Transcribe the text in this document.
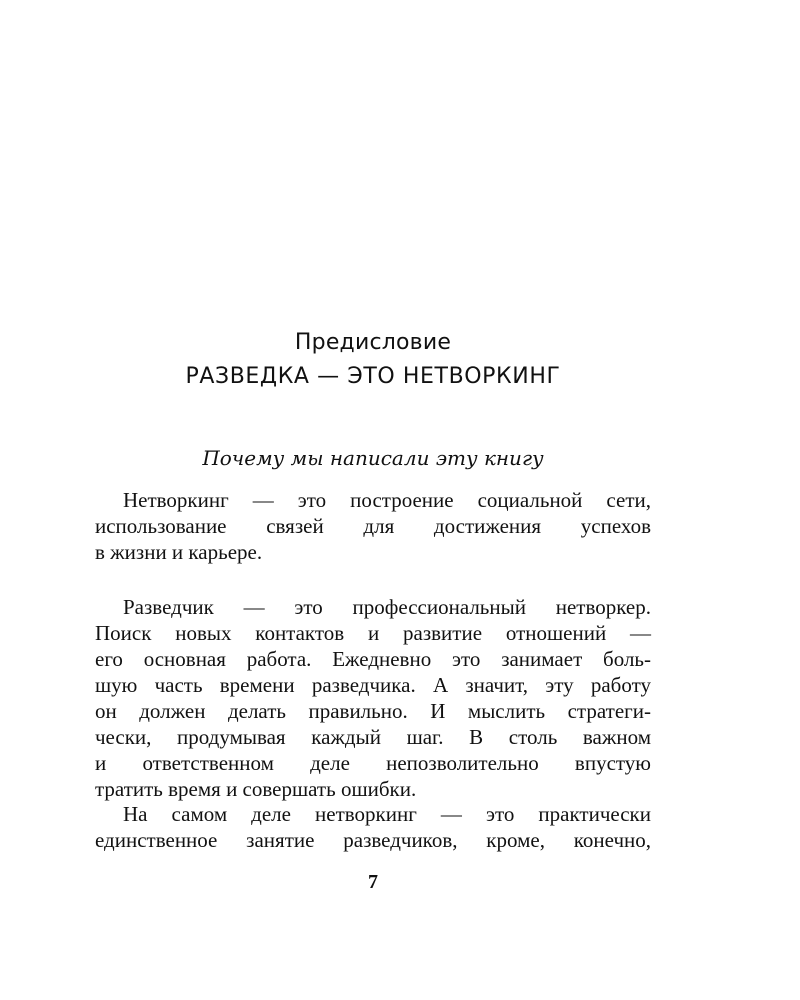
Предисловие
РАЗВЕДКА — ЭТО НЕТВОРКИНГ
Почему мы написали эту книгу
Нетворкинг — это построение социальной сети,
использование связей для достижения успехов
в жизни и карьере.
Разведчик — это профессиональный нетворкер.
Поиск новых контактов и развитие отношений —
его основная работа. Ежедневно это занимает боль-
шую часть времени разведчика. А значит, эту работу
он должен делать правильно. И мыслить стратеги-
чески, продумывая каждый шаг. В столь важном
и ответственном деле непозволительно впустую
тратить время и совершать ошибки.
На самом деле нетворкинг — это практически
единственное занятие разведчиков, кроме, конечно,
7
